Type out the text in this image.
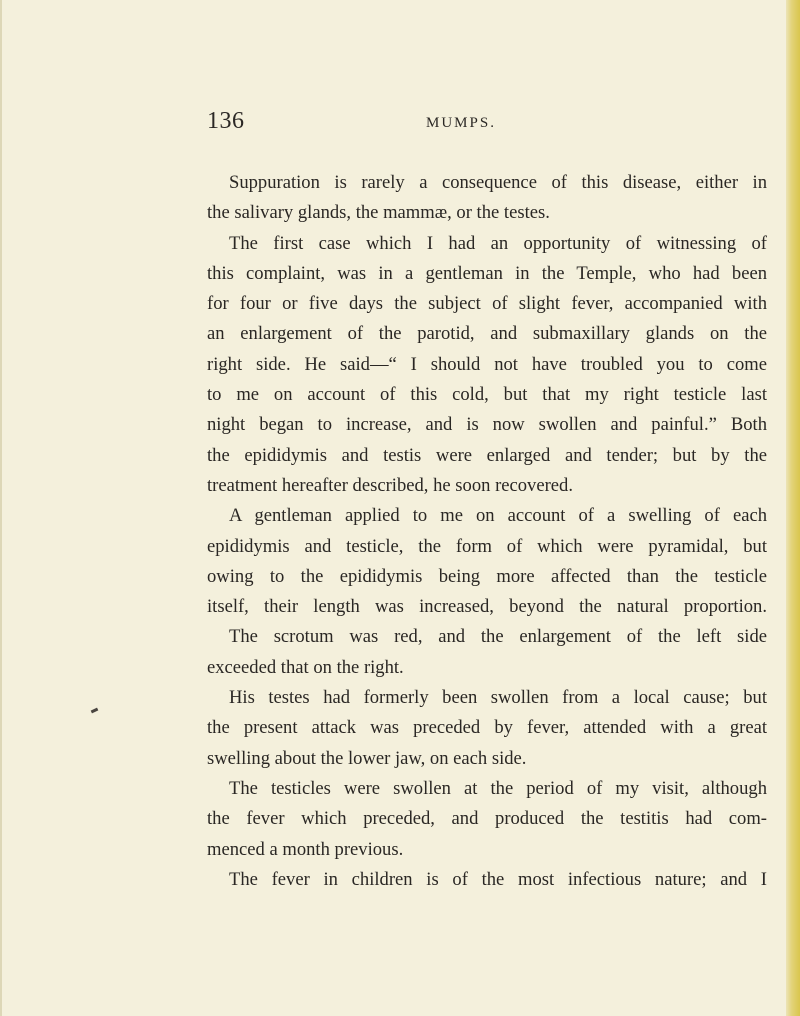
136	MUMPS.
Suppuration is rarely a consequence of this disease, either in
the salivary glands, the mammæ, or the testes.
The first case which I had an opportunity of witnessing of
this complaint, was in a gentleman in the Temple, who had been
for four or five days the subject of slight fever, accompanied with
an enlargement of the parotid, and submaxillary glands on the
right side. He said—“ I should not have troubled you to come
to me on account of this cold, but that my right testicle last
night began to increase, and is now swollen and painful.” Both
the epididymis and testis were enlarged and tender; but by the
treatment hereafter described, he soon recovered.
A gentleman applied to me on account of a swelling of each
epididymis and testicle, the form of which were pyramidal, but
owing to the epididymis being more affected than the testicle
itself, their length was increased, beyond the natural proportion.
The scrotum was red, and the enlargement of the left side
exceeded that on the right.
His testes had formerly been swollen from a local cause; but
the present attack was preceded by fever, attended with a great
swelling about the lower jaw, on each side.
The testicles were swollen at the period of my visit, although
the fever which preceded, and produced the testitis had com-
menced a month previous.
The fever in children is of the most infectious nature; and I
